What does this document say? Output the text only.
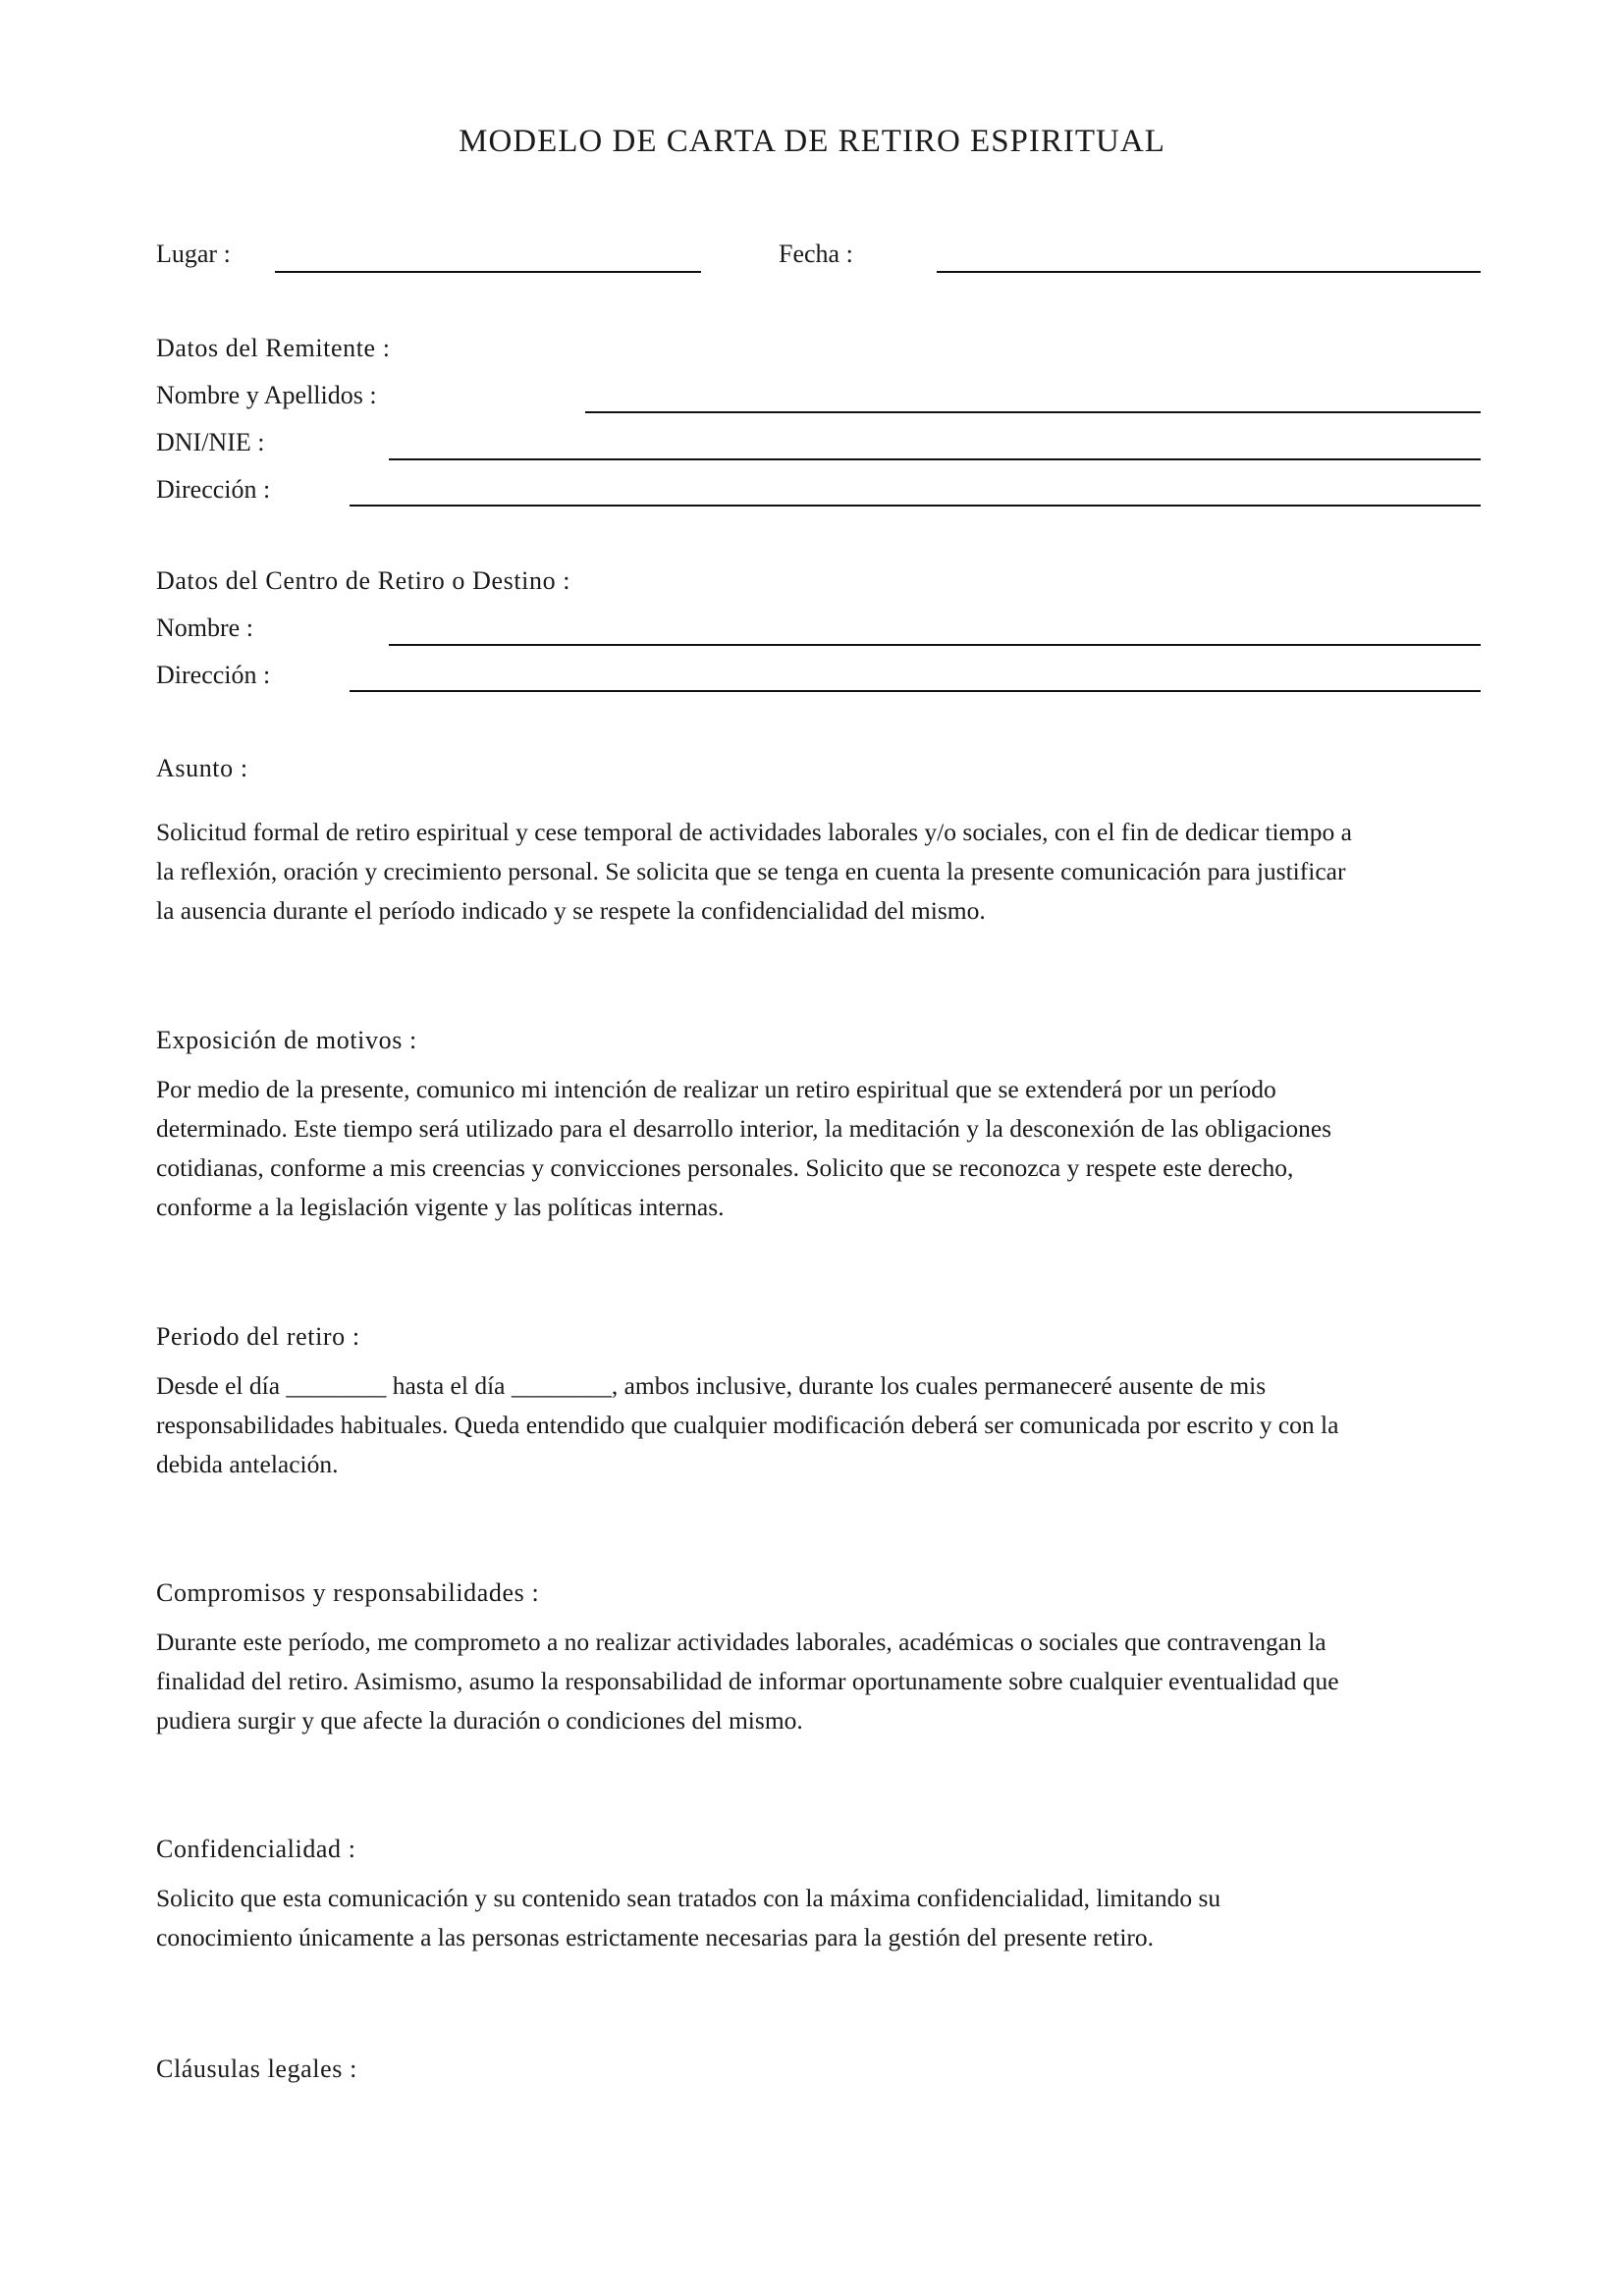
MODELO DE CARTA DE RETIRO ESPIRITUAL
Lugar :	Fecha :
Datos del Remitente :
Nombre y Apellidos :
DNI/NIE :
Dirección :
Datos del Centro de Retiro o Destino :
Nombre :
Dirección :
Asunto :
Solicitud formal de retiro espiritual y cese temporal de actividades laborales y/o sociales, con el fin de dedicar tiempo a
la reflexión, oración y crecimiento personal. Se solicita que se tenga en cuenta la presente comunicación para justificar
la ausencia durante el período indicado y se respete la confidencialidad del mismo.
Exposición de motivos :
Por medio de la presente, comunico mi intención de realizar un retiro espiritual que se extenderá por un período
determinado. Este tiempo será utilizado para el desarrollo interior, la meditación y la desconexión de las obligaciones
cotidianas, conforme a mis creencias y convicciones personales. Solicito que se reconozca y respete este derecho,
conforme a la legislación vigente y las políticas internas.
Periodo del retiro :
Desde el día ________ hasta el día ________, ambos inclusive, durante los cuales permaneceré ausente de mis
responsabilidades habituales. Queda entendido que cualquier modificación deberá ser comunicada por escrito y con la
debida antelación.
Compromisos y responsabilidades :
Durante este período, me comprometo a no realizar actividades laborales, académicas o sociales que contravengan la
finalidad del retiro. Asimismo, asumo la responsabilidad de informar oportunamente sobre cualquier eventualidad que
pudiera surgir y que afecte la duración o condiciones del mismo.
Confidencialidad :
Solicito que esta comunicación y su contenido sean tratados con la máxima confidencialidad, limitando su
conocimiento únicamente a las personas estrictamente necesarias para la gestión del presente retiro.
Cláusulas legales :
